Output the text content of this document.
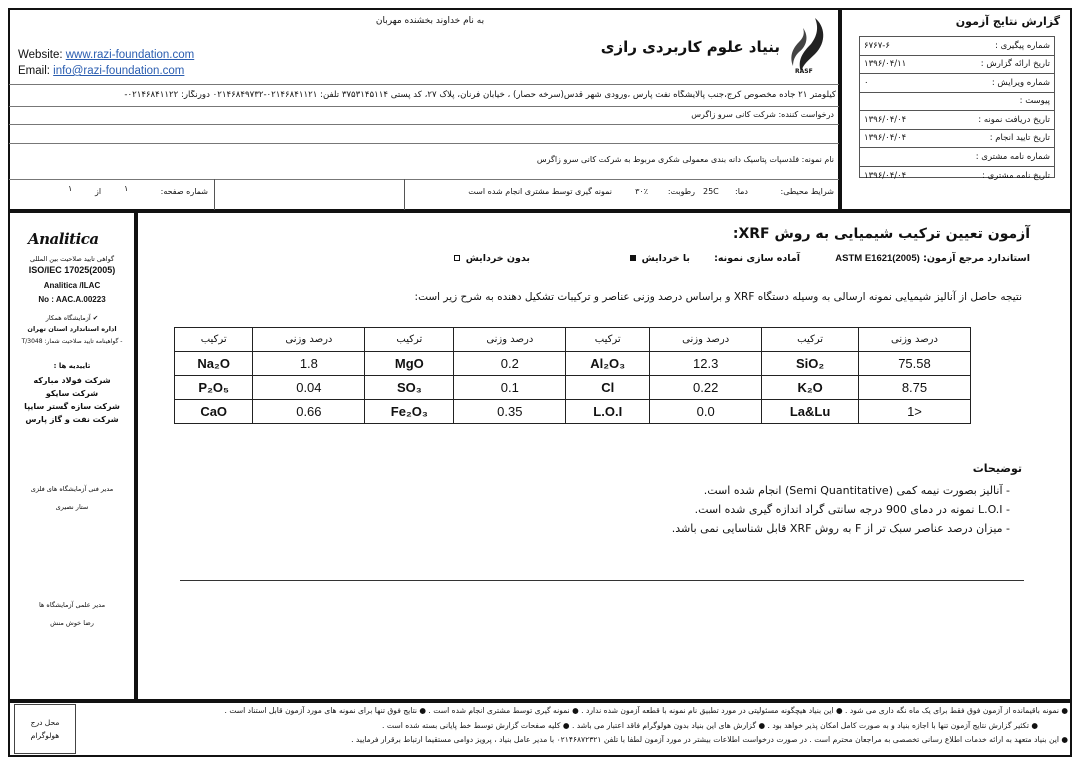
به نام خداوند بخشنده مهربان
بنیاد علوم کاربردی رازی
RASF
Website: www.razi-foundation.com
Email: info@razi-foundation.com
کیلومتر ۲۱ جاده مخصوص کرج،جنب پالایشگاه نفت پارس ،ورودی شهر قدس(سرخه حصار) ، خیابان فرنان، پلاک ۲۷، کد پستی ۳۷۵۳۱۴۵۱۱۴ تلفن: ۰۲۱۴۶۸۴۱۱۲۱-۰۲۱۴۶۸۴۹۷۳۲ دورنگار: ۰۲۱۴۶۸۴۱۱۲۲-
درخواست کننده: شرکت کانی سرو زاگرس
نام نمونه: فلدسپات پتاسیک دانه بندی معمولی شکری مربوط به شرکت کانی سرو زاگرس
شرایط محیطی:
دما:
25C
رطوبت:
۳۰٪
نمونه گیری توسط مشتری انجام شده است
شماره صفحه:
۱
از
۱
گزارش نتایج آزمون
شماره پیگیری :
۶۷۶۷-۶
تاریخ ارائه گزارش :
۱۳۹۶/۰۴/۱۱
شماره ویرایش :
۰
پیوست :
تاریخ دریافت نمونه :
۱۳۹۶/۰۴/۰۴
تاریخ تایید انجام :
۱۳۹۶/۰۴/۰۴
شماره نامه مشتری :
تاریخ نامه مشتری :
۱۳۹۶/۰۴/۰۴
Analitica
گواهی تایید صلاحیت بین المللی
ISO/IEC 17025(2005)
Analitica /ILAC
No : AAC.A.00223
✔ آزمایشگاه همکار
اداره استاندارد استان تهران
- گواهینامه تایید صلاحیت شمار: T/3048
تاییدیه ها :
شرکت فولاد مبارکه
شرکت سایکو
شرکت سازه گستر سایپا
شرکت نفت و گاز پارس
مدیر فنی آزمایشگاه های فلزی
ستار نصیری
مدیر علمی آزمایشگاه ها
رضا خوش منش
آزمون تعیین ترکیب شیمیایی به روش XRF:
استاندارد مرجع آزمون: ASTM E1621(2005)
آماده سازی نمونه:
با خردایش
بدون خردایش
نتیجه حاصل از آنالیز شیمیایی نمونه ارسالی به وسیله دستگاه XRF و براساس درصد وزنی عناصر و ترکیبات تشکیل دهنده به شرح زیر است:
درصد وزنی	ترکیب	درصد وزنی	ترکیب	درصد وزنی	ترکیب	درصد وزنی	ترکیب
75.58	SiO₂	12.3	Al₂O₃	0.2	MgO	1.8	Na₂O
8.75	K₂O	0.22	Cl	0.1	SO₃	0.04	P₂O₅
<1	La&Lu	0.0	L.O.I	0.35	Fe₂O₃	0.66	CaO
توضیحات
- آنالیز بصورت نیمه کمی (Semi Quantitative) انجام شده است.
- L.O.I نمونه در دمای 900 درجه سانتی گراد اندازه گیری شده است.
- میزان درصد عناصر سبک تر از F به روش XRF قابل شناسایی نمی باشد.
محل درج هولوگرام
● نمونه باقیمانده از آزمون فوق فقط برای یک ماه نگه داری می شود . ● این بنیاد هیچگونه مسئولیتی در مورد تطبیق نام نمونه با قطعه آزمون شده ندارد . ● نمونه گیری توسط مشتری انجام شده است . ● نتایج فوق تنها برای نمونه های مورد آزمون قابل استناد است .
● تکثیر گزارش نتایج آزمون تنها با اجازه بنیاد و به صورت کامل امکان پذیر خواهد بود . ● گزارش های این بنیاد بدون هولوگرام فاقد اعتبار می باشد . ● کلیه صفحات گزارش توسط خط پایانی بسته شده است .
● این بنیاد متعهد به ارائه خدمات اطلاع رسانی تخصصی به مراجعان محترم است . در صورت درخواست اطلاعات بیشتر در مورد آزمون لطفا با تلفن ۰۲۱۴۶۸۷۲۳۲۱ با مدیر عامل بنیاد ، پرویز دوامی مستقیما ارتباط برقرار فرمایید .
